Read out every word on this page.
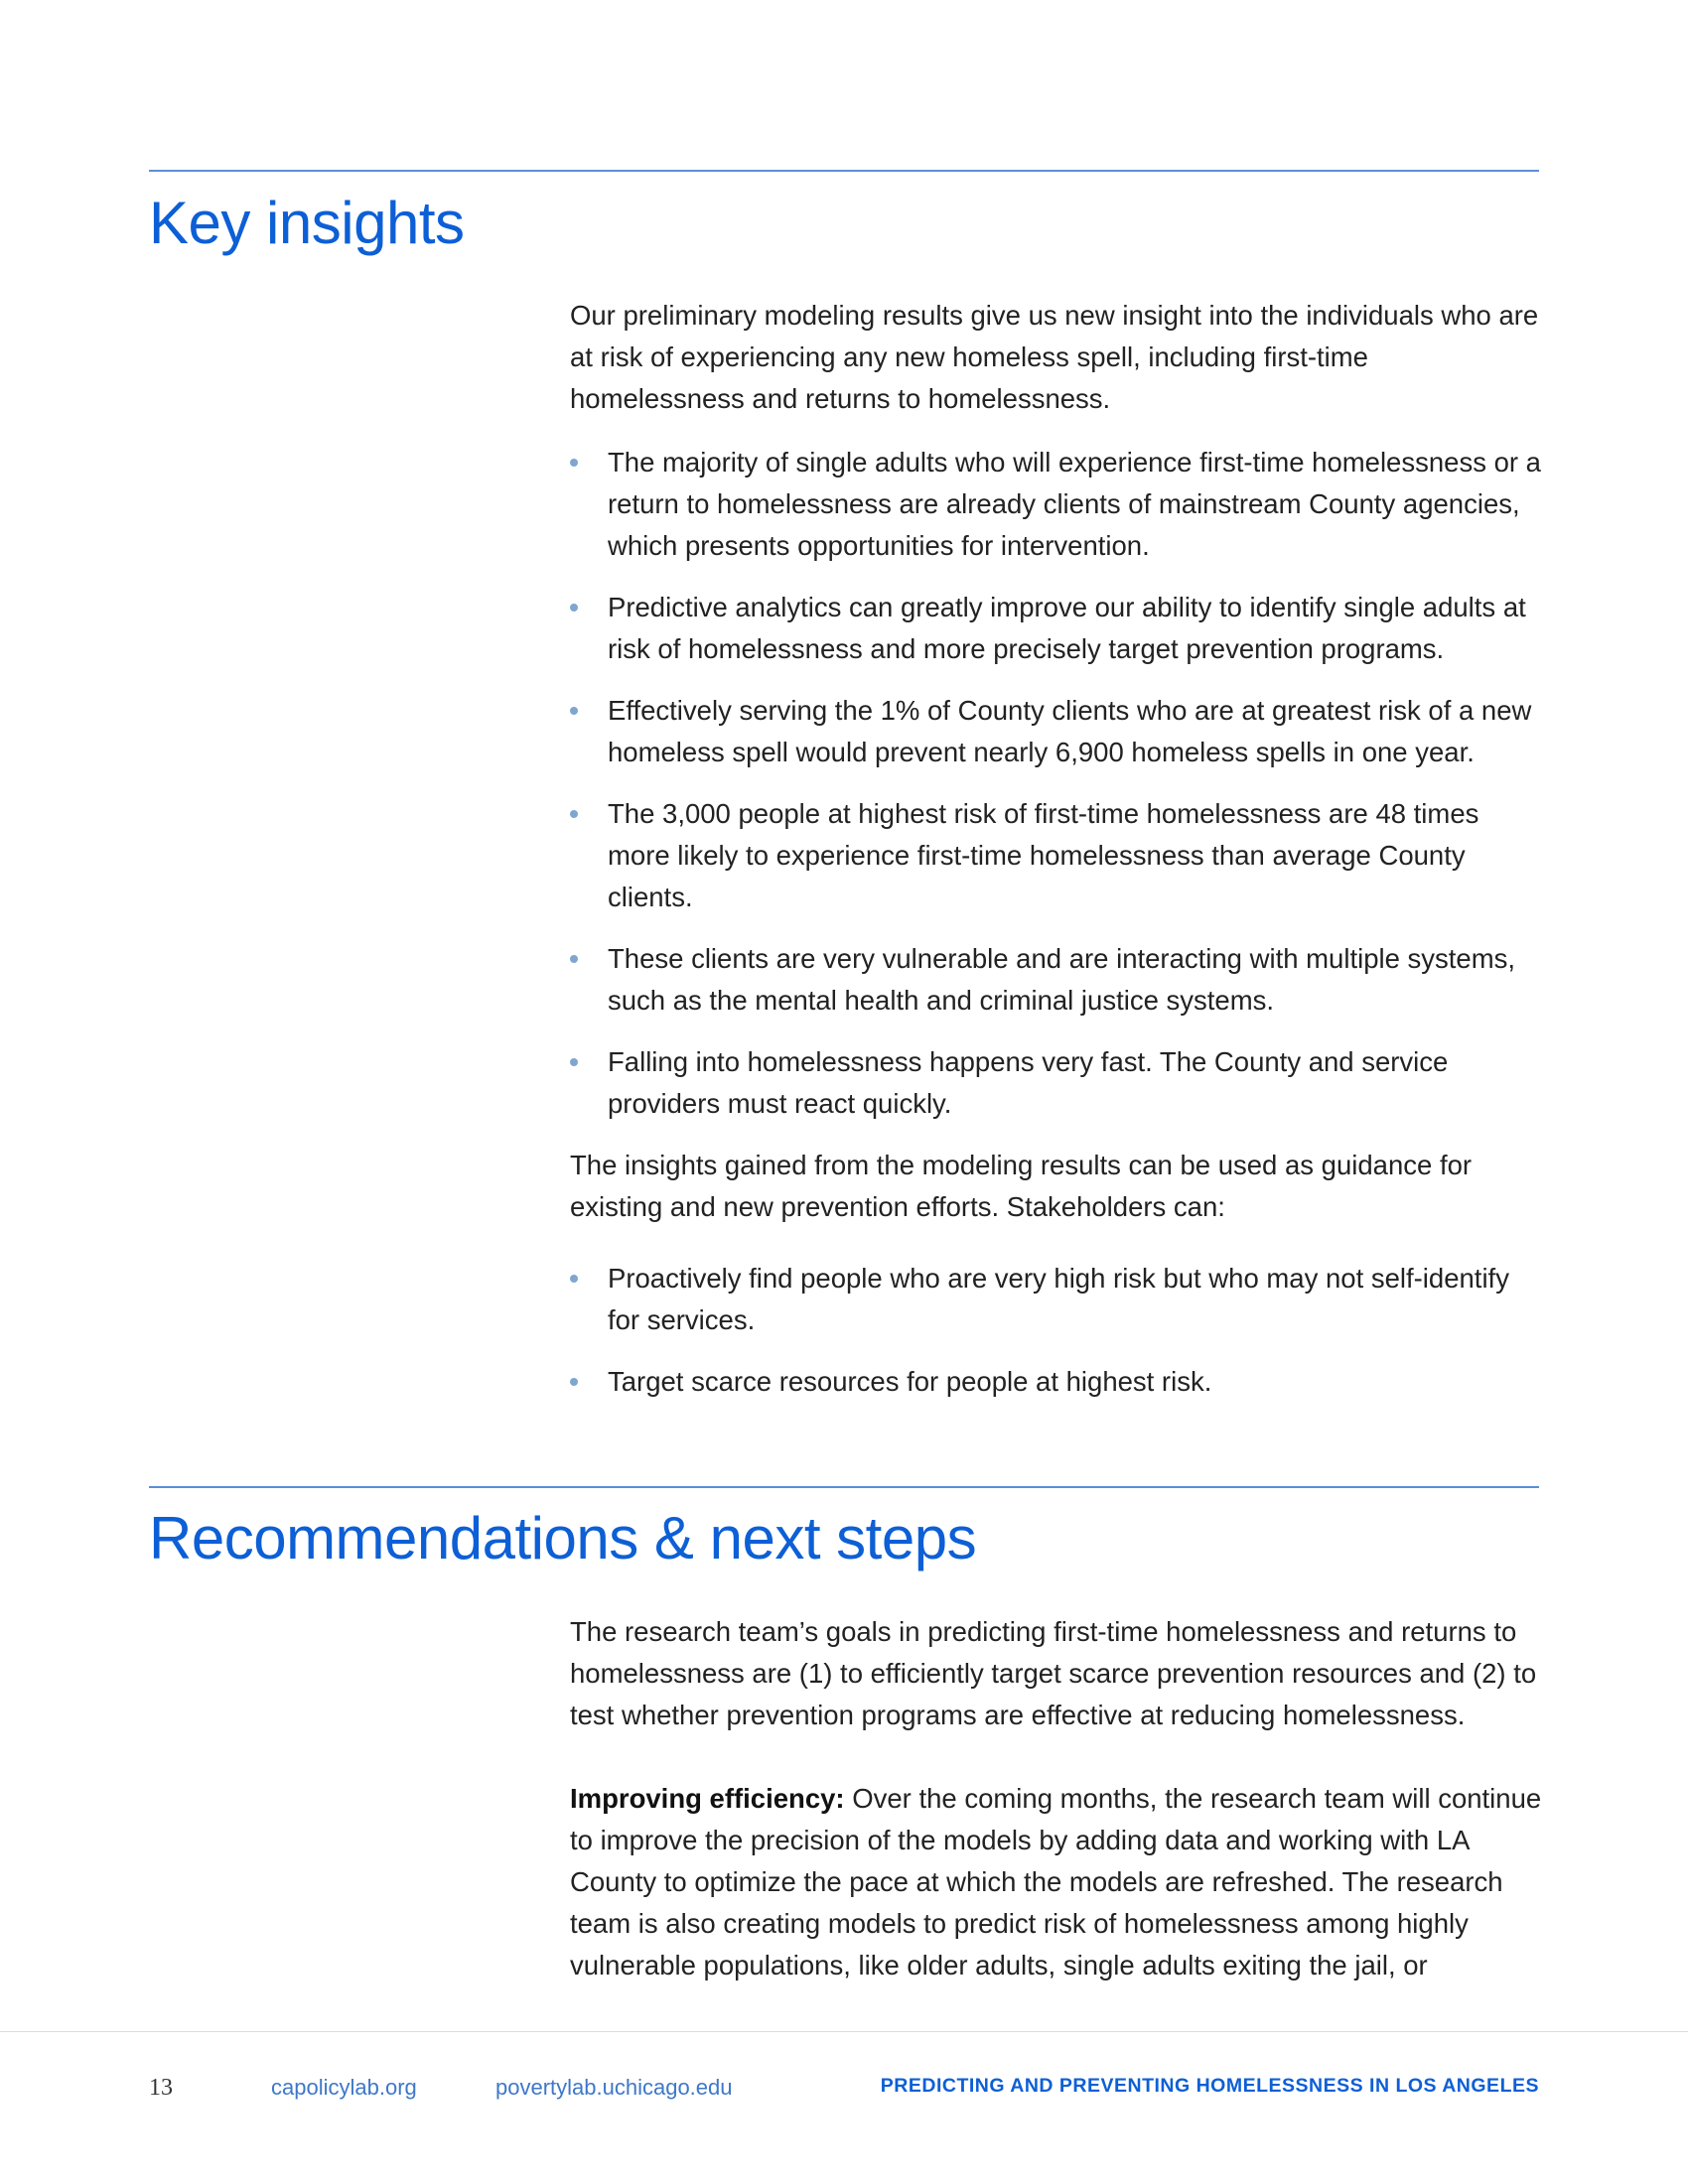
Key insights

Our preliminary modeling results give us new insight into the individuals who are at risk of experiencing any new homeless spell, including first-time homelessness and returns to homelessness.

The majority of single adults who will experience first-time homelessness or a return to homelessness are already clients of mainstream County agencies, which presents opportunities for intervention.
Predictive analytics can greatly improve our ability to identify single adults at risk of homelessness and more precisely target prevention programs.
Effectively serving the 1% of County clients who are at greatest risk of a new homeless spell would prevent nearly 6,900 homeless spells in one year.
The 3,000 people at highest risk of first-time homelessness are 48 times more likely to experience first-time homelessness than average County clients.
These clients are very vulnerable and are interacting with multiple systems, such as the mental health and criminal justice systems.
Falling into homelessness happens very fast. The County and service providers must react quickly.

The insights gained from the modeling results can be used as guidance for existing and new prevention efforts. Stakeholders can:

Proactively find people who are very high risk but who may not self-identify for services.
Target scarce resources for people at highest risk.
Recommendations & next steps

The research team’s goals in predicting first-time homelessness and returns to homelessness are (1) to efficiently target scarce prevention resources and (2) to test whether prevention programs are effective at reducing homelessness.

Improving efficiency: Over the coming months, the research team will continue to improve the precision of the models by adding data and working with LA County to optimize the pace at which the models are refreshed. The research team is also creating models to predict risk of homelessness among highly vulnerable populations, like older adults, single adults exiting the jail, or

13	capolicylab.org	povertylab.uchicago.edu	PREDICTING AND PREVENTING HOMELESSNESS IN LOS ANGELES
